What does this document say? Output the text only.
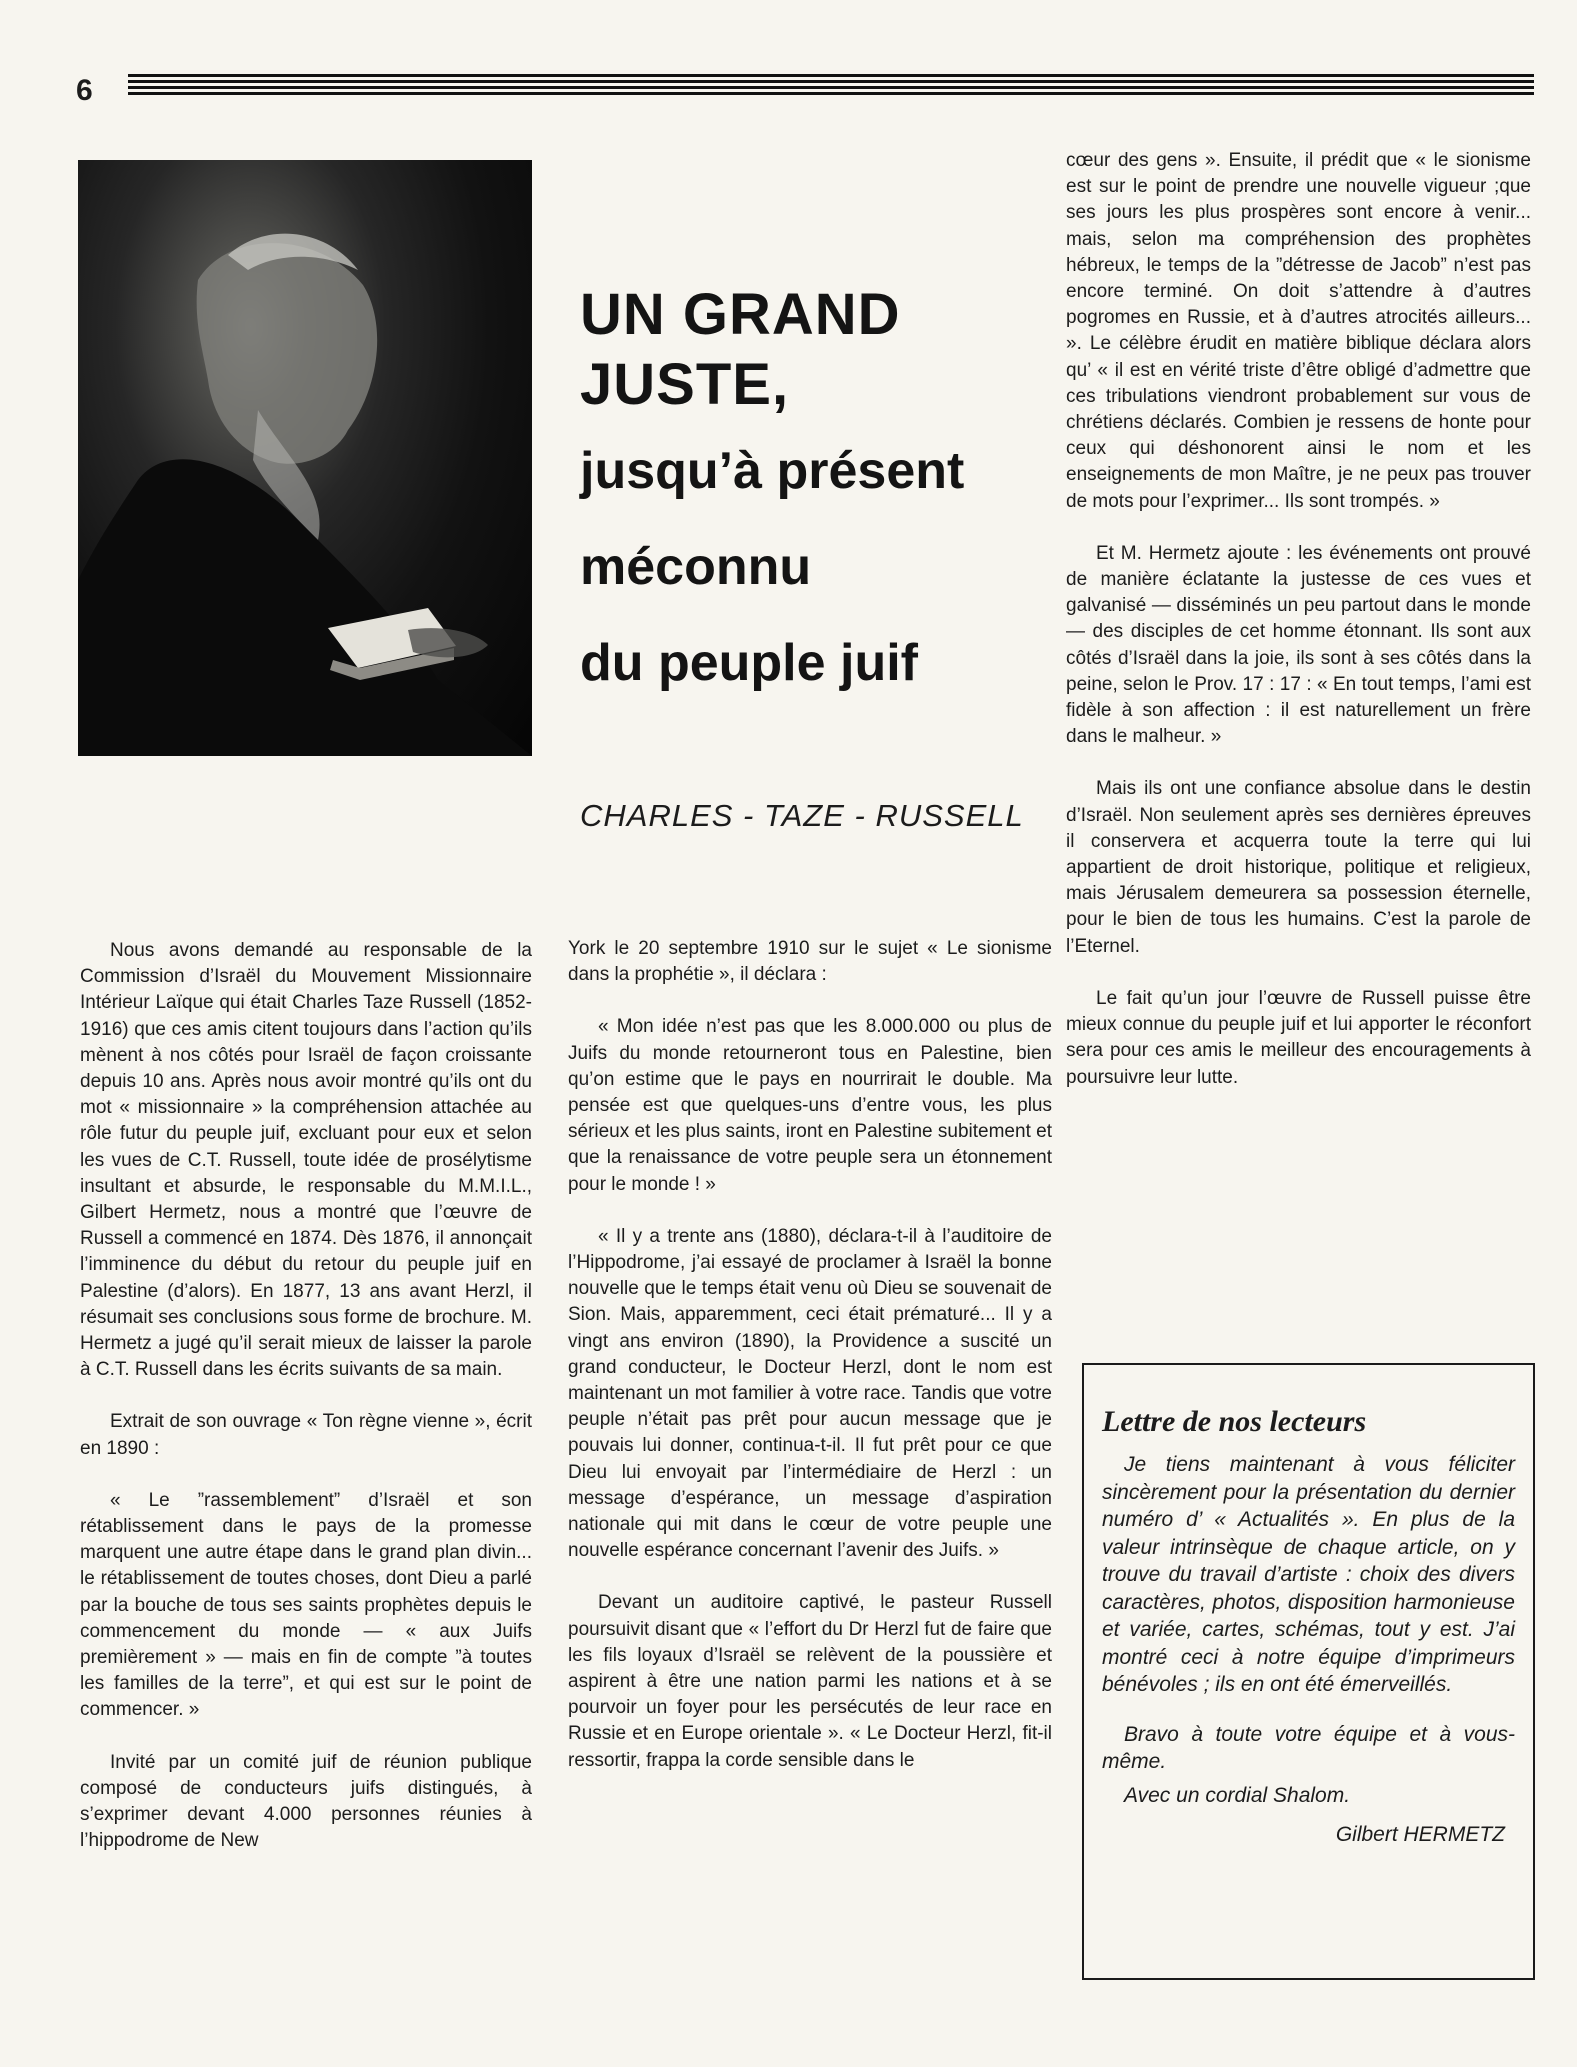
6
UN GRAND
JUSTE,
jusqu’à présent
méconnu
du peuple juif
CHARLES - TAZE - RUSSELL

Nous avons demandé au responsable de la Commission d’Israël du Mouvement Missionnaire Intérieur Laïque qui était Charles Taze Russell (1852-1916) que ces amis citent toujours dans l’action qu’ils mènent à nos côtés pour Israël de façon croissante depuis 10 ans. Après nous avoir montré qu’ils ont du mot « missionnaire » la compréhension attachée au rôle futur du peuple juif, excluant pour eux et selon les vues de C.T. Russell, toute idée de prosélytisme insultant et absurde, le responsable du M.M.I.L., Gilbert Hermetz, nous a montré que l’œuvre de Russell a commencé en 1874. Dès 1876, il annonçait l’imminence du début du retour du peuple juif en Palestine (d’alors). En 1877, 13 ans avant Herzl, il résumait ses conclusions sous forme de brochure. M. Hermetz a jugé qu’il serait mieux de laisser la parole à C.T. Russell dans les écrits suivants de sa main.

Extrait de son ouvrage « Ton règne vienne », écrit en 1890 :

« Le ”rassemblement” d’Israël et son rétablissement dans le pays de la promesse marquent une autre étape dans le grand plan divin... le rétablissement de toutes choses, dont Dieu a parlé par la bouche de tous ses saints prophètes depuis le commencement du monde — « aux Juifs premièrement » — mais en fin de compte ”à toutes les familles de la terre”, et qui est sur le point de commencer. »

Invité par un comité juif de réunion publique composé de conducteurs juifs distingués, à s’exprimer devant 4.000 personnes réunies à l’hippodrome de New

York le 20 septembre 1910 sur le sujet « Le sionisme dans la prophétie », il déclara :

« Mon idée n’est pas que les 8.000.000 ou plus de Juifs du monde retourneront tous en Palestine, bien qu’on estime que le pays en nourrirait le double. Ma pensée est que quelques-uns d’entre vous, les plus sérieux et les plus saints, iront en Palestine subitement et que la renaissance de votre peuple sera un étonnement pour le monde ! »

« Il y a trente ans (1880), déclara-t-il à l’auditoire de l’Hippodrome, j’ai essayé de proclamer à Israël la bonne nouvelle que le temps était venu où Dieu se souvenait de Sion. Mais, apparemment, ceci était prématuré... Il y a vingt ans environ (1890), la Providence a suscité un grand conducteur, le Docteur Herzl, dont le nom est maintenant un mot familier à votre race. Tandis que votre peuple n’était pas prêt pour aucun message que je pouvais lui donner, continua-t-il. Il fut prêt pour ce que Dieu lui envoyait par l’intermédiaire de Herzl : un message d’espérance, un message d’aspiration nationale qui mit dans le cœur de votre peuple une nouvelle espérance concernant l’avenir des Juifs. »

Devant un auditoire captivé, le pasteur Russell poursuivit disant que « l’effort du Dr Herzl fut de faire que les fils loyaux d’Israël se relèvent de la poussière et aspirent à être une nation parmi les nations et à se pourvoir un foyer pour les persécutés de leur race en Russie et en Europe orientale ». « Le Docteur Herzl, fit-il ressortir, frappa la corde sensible dans le

cœur des gens ». Ensuite, il prédit que « le sionisme est sur le point de prendre une nouvelle vigueur ;que ses jours les plus prospères sont encore à venir... mais, selon ma compréhension des prophètes hébreux, le temps de la ”détresse de Jacob” n’est pas encore terminé. On doit s’attendre à d’autres pogromes en Russie, et à d’autres atrocités ailleurs... ». Le célèbre érudit en matière biblique déclara alors qu’ « il est en vérité triste d’être obligé d’admettre que ces tribulations viendront probablement sur vous de chrétiens déclarés. Combien je ressens de honte pour ceux qui déshonorent ainsi le nom et les enseignements de mon Maître, je ne peux pas trouver de mots pour l’exprimer... Ils sont trompés. »

Et M. Hermetz ajoute : les événements ont prouvé de manière éclatante la justesse de ces vues et galvanisé — disséminés un peu partout dans le monde — des disciples de cet homme étonnant. Ils sont aux côtés d’Israël dans la joie, ils sont à ses côtés dans la peine, selon le Prov. 17 : 17 : « En tout temps, l’ami est fidèle à son affection : il est naturellement un frère dans le malheur. »

Mais ils ont une confiance absolue dans le destin d’Israël. Non seulement après ses dernières épreuves il conservera et acquerra toute la terre qui lui appartient de droit historique, politique et religieux, mais Jérusalem demeurera sa possession éternelle, pour le bien de tous les humains. C’est la parole de l’Eternel.

Le fait qu’un jour l’œuvre de Russell puisse être mieux connue du peuple juif et lui apporter le réconfort sera pour ces amis le meilleur des encouragements à poursuivre leur lutte.

Lettre de nos lecteurs

Je tiens maintenant à vous féliciter sincèrement pour la présentation du dernier numéro d’ « Actualités ». En plus de la valeur intrinsèque de chaque article, on y trouve du travail d’artiste : choix des divers caractères, photos, disposition harmonieuse et variée, cartes, schémas, tout y est. J’ai montré ceci à notre équipe d’imprimeurs bénévoles ; ils en ont été émerveillés.

Bravo à toute votre équipe et à vous-même.

Avec un cordial Shalom.

Gilbert HERMETZ
